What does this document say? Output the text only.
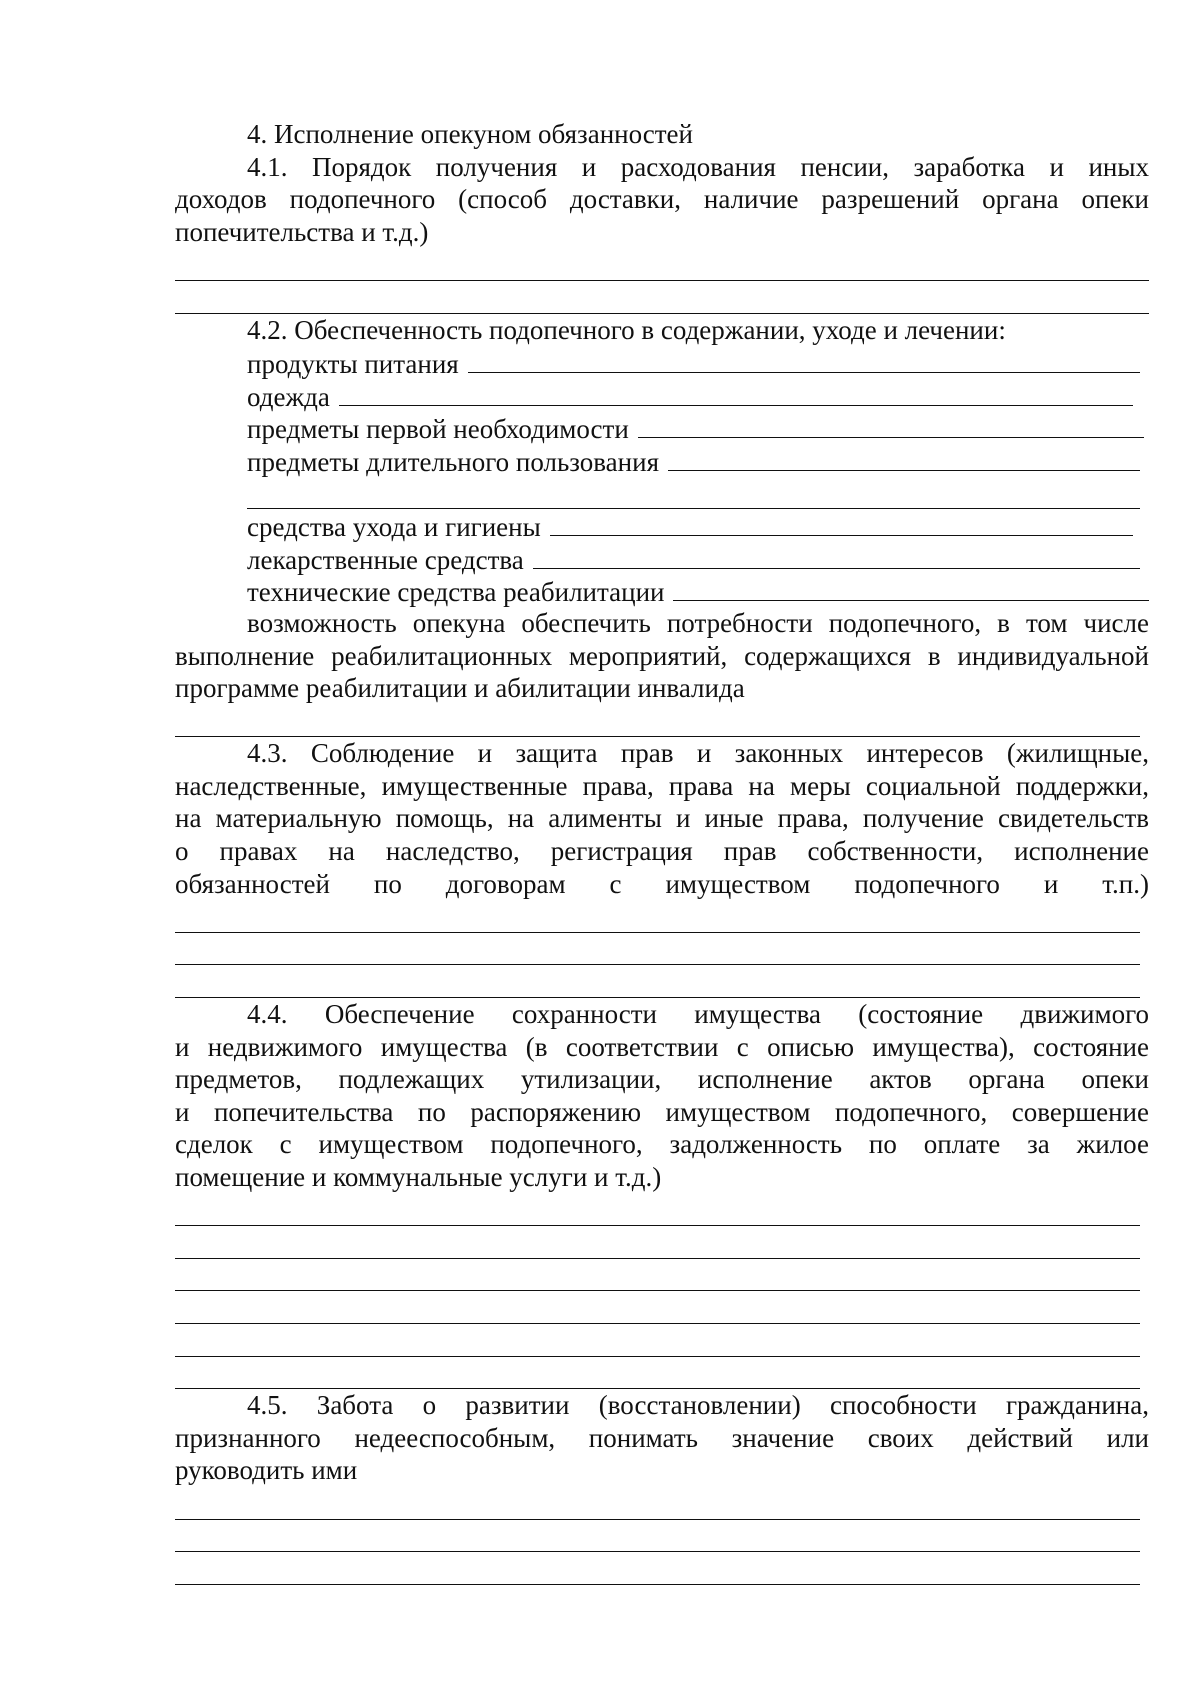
4. Исполнение опекуном обязанностей
4.1. Порядок получения и расходования пенсии, заработка и иных
доходов подопечного (способ доставки, наличие разрешений органа опеки
попечительства и т.д.)
4.2. Обеспеченность подопечного в содержании, уходе и лечении:
продукты питания
одежда
предметы первой необходимости
предметы длительного пользования
средства ухода и гигиены
лекарственные средства
технические средства реабилитации
возможность опекуна обеспечить потребности подопечного, в том числе
выполнение реабилитационных мероприятий, содержащихся в индивидуальной
программе реабилитации и абилитации инвалида
4.3. Соблюдение и защита прав и законных интересов (жилищные,
наследственные, имущественные права, права на меры социальной поддержки,
на материальную помощь, на алименты и иные права, получение свидетельств
о правах на наследство, регистрация прав собственности, исполнение
обязанностей по договорам с имуществом подопечного и т.п.)
4.4. Обеспечение сохранности имущества (состояние движимого
и недвижимого имущества (в соответствии с описью имущества), состояние
предметов, подлежащих утилизации, исполнение актов органа опеки
и попечительства по распоряжению имуществом подопечного, совершение
сделок с имуществом подопечного, задолженность по оплате за жилое
помещение и коммунальные услуги и т.д.)
4.5. Забота о развитии (восстановлении) способности гражданина,
признанного недееспособным, понимать значение своих действий или
руководить ими
